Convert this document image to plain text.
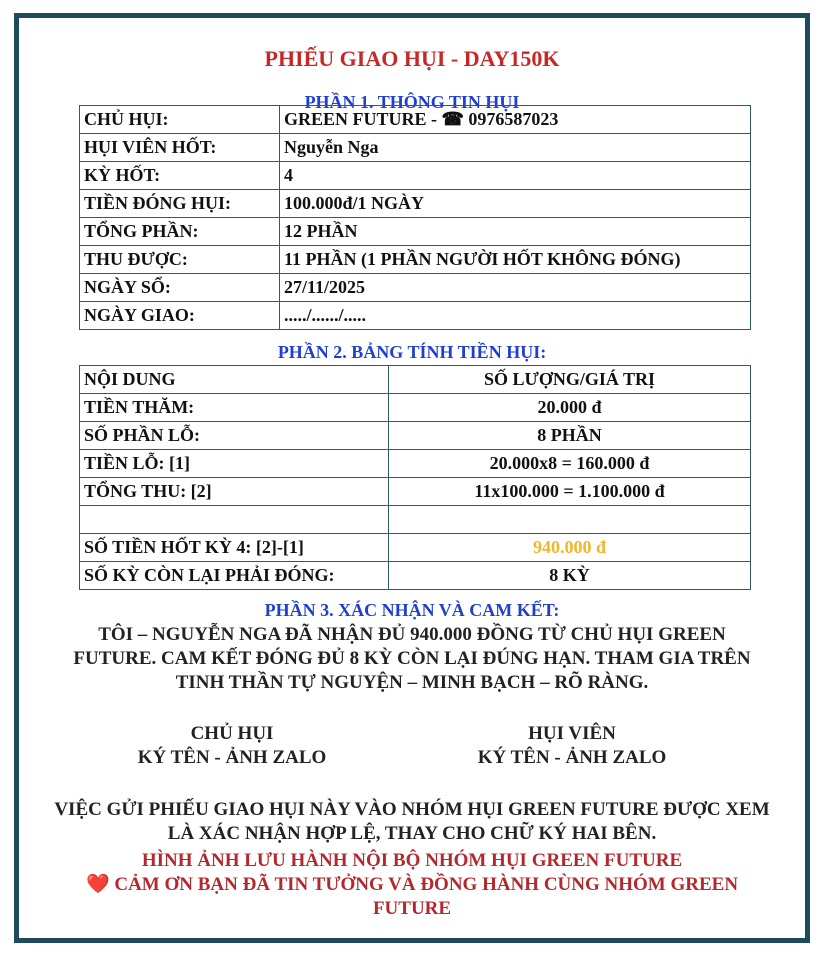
PHIẾU GIAO HỤI - DAY150K
PHẦN 1. THÔNG TIN HỤI
CHỦ HỤI:	GREEN FUTURE - ☎ 0976587023
HỤI VIÊN HỐT:	Nguyễn Nga
KỲ HỐT:	4
TIỀN ĐÓNG HỤI:	100.000đ/1 NGÀY
TỔNG PHẦN:	12 PHẦN
THU ĐƯỢC:	11 PHẦN (1 PHẦN NGƯỜI HỐT KHÔNG ĐÓNG)
NGÀY SỔ:	27/11/2025
NGÀY GIAO:	...../....../.....
PHẦN 2. BẢNG TÍNH TIỀN HỤI:
NỘI DUNG	SỐ LƯỢNG/GIÁ TRỊ
TIỀN THĂM:	20.000 đ
SỐ PHẦN LỖ:	8 PHẦN
TIỀN LỖ: [1]	20.000x8 = 160.000 đ
TỔNG THU: [2]	11x100.000 = 1.100.000 đ

SỐ TIỀN HỐT KỲ 4: [2]-[1]	940.000 đ
SỐ KỲ CÒN LẠI PHẢI ĐÓNG:	8 KỲ
PHẦN 3. XÁC NHẬN VÀ CAM KẾT:
TÔI – NGUYỄN NGA ĐÃ NHẬN ĐỦ 940.000 ĐỒNG TỪ CHỦ HỤI GREEN FUTURE. CAM KẾT ĐÓNG ĐỦ 8 KỲ CÒN LẠI ĐÚNG HẠN. THAM GIA TRÊN TINH THẦN TỰ NGUYỆN – MINH BẠCH – RÕ RÀNG.
CHỦ HỤI
KÝ TÊN - ẢNH ZALO
HỤI VIÊN
KÝ TÊN - ẢNH ZALO
VIỆC GỬI PHIẾU GIAO HỤI NÀY VÀO NHÓM HỤI GREEN FUTURE ĐƯỢC XEM LÀ XÁC NHẬN HỢP LỆ, THAY CHO CHỮ KÝ HAI BÊN.
HÌNH ẢNH LƯU HÀNH NỘI BỘ NHÓM HỤI GREEN FUTURE
❤️ CẢM ƠN BẠN ĐÃ TIN TƯỞNG VÀ ĐỒNG HÀNH CÙNG NHÓM GREEN FUTURE
